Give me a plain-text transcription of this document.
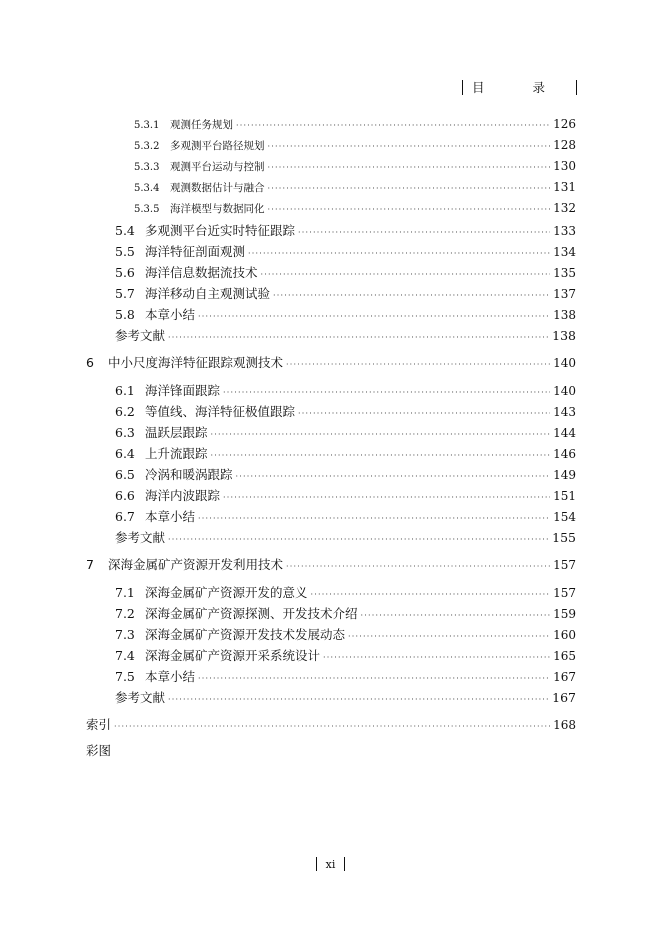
目 录
5.3.1	观测任务规划 ·····	126
5.3.2	多观测平台路径规划 ·····	128
5.3.3	观测平台运动与控制 ·····	130
5.3.4	观测数据估计与融合 ·····	131
5.3.5	海洋模型与数据同化 ·····	132
5.4 多观测平台近实时特征跟踪 ·····	133
5.5 海洋特征剖面观测 ·····	134
5.6 海洋信息数据流技术 ·····	135
5.7 海洋移动自主观测试验 ·····	137
5.8 本章小结 ·····	138
参考文献 ·····	138
6	中小尺度海洋特征跟踪观测技术 ·····	140
6.1 海洋锋面跟踪 ·····	140
6.2 等值线、海洋特征极值跟踪 ·····	143
6.3 温跃层跟踪 ·····	144
6.4 上升流跟踪 ·····	146
6.5 冷涡和暖涡跟踪 ·····	149
6.6 海洋内波跟踪 ·····	151
6.7 本章小结 ·····	154
参考文献 ·····	155
7	深海金属矿产资源开发利用技术 ·····	157
7.1 深海金属矿产资源开发的意义 ·····	157
7.2 深海金属矿产资源探测、开发技术介绍 ·····	159
7.3 深海金属矿产资源开发技术发展动态 ·····	160
7.4 深海金属矿产资源开采系统设计 ·····	165
7.5 本章小结 ·····	167
参考文献 ·····	167
索引 ·····	168
彩图
xi
